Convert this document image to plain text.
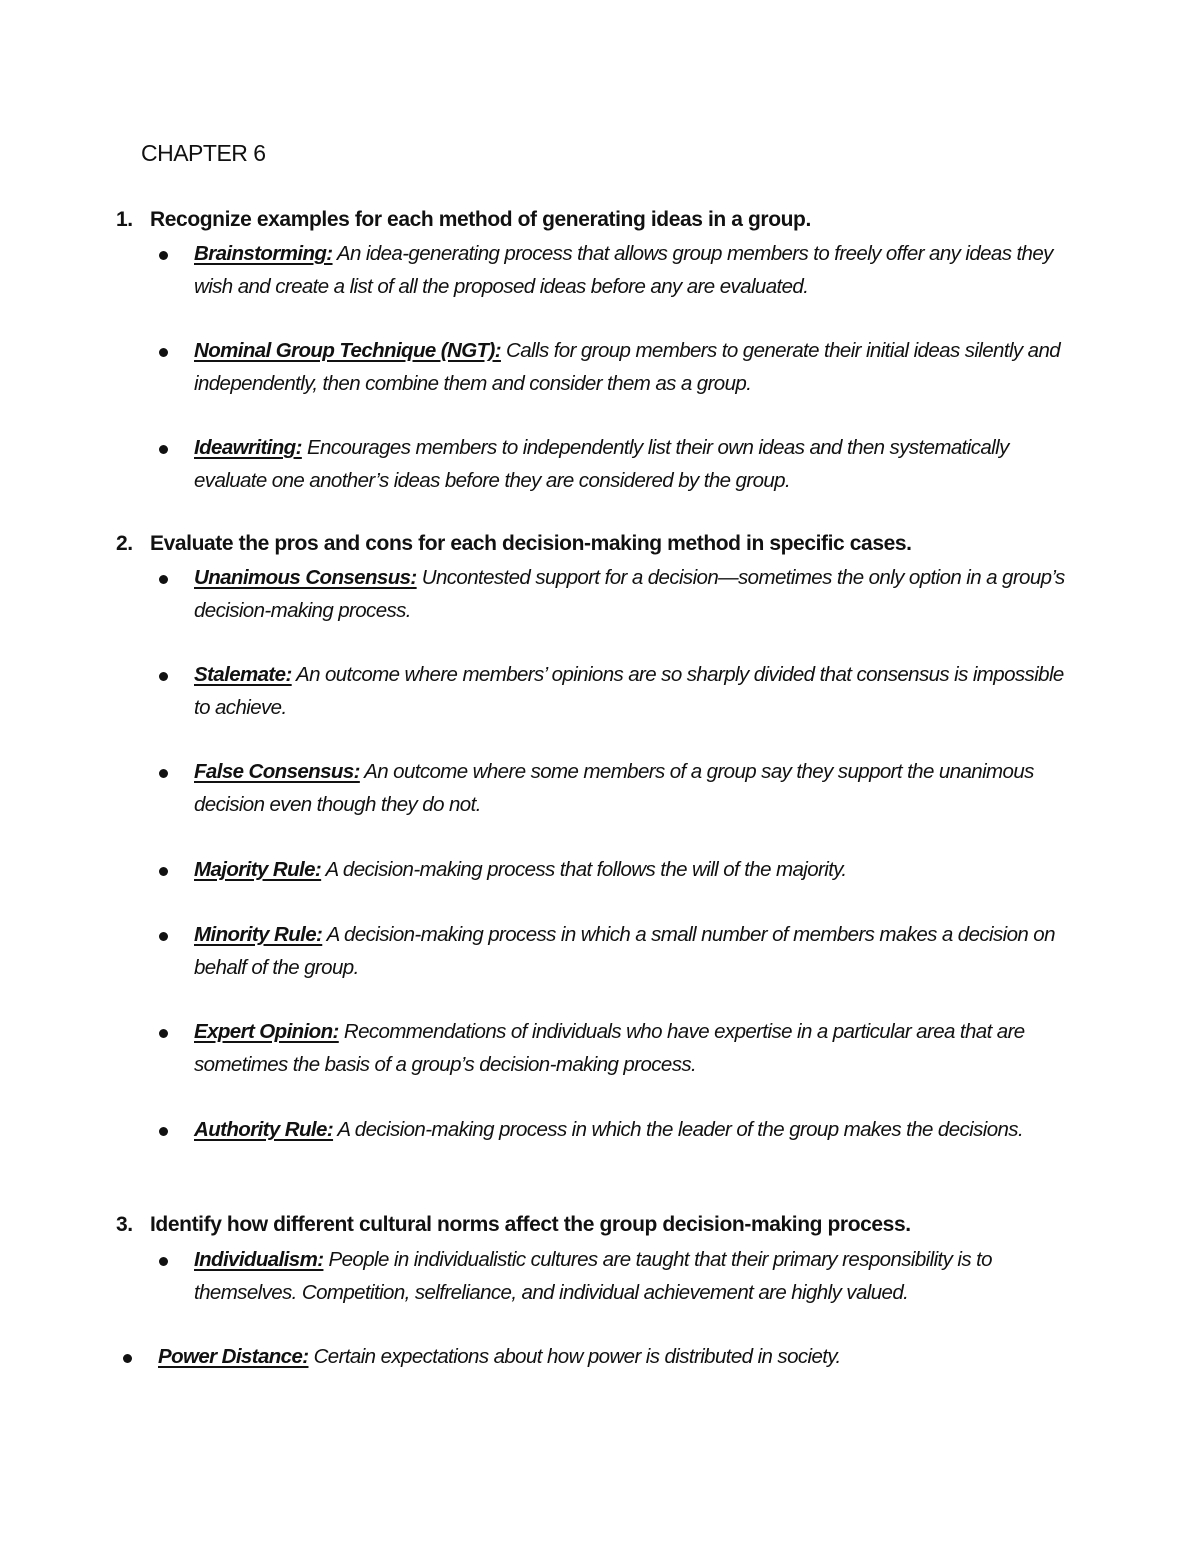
CHAPTER 6
1. Recognize examples for each method of generating ideas in a group.
Brainstorming: An idea-generating process that allows group members to freely offer any ideas they wish and create a list of all the proposed ideas before any are evaluated.
Nominal Group Technique (NGT): Calls for group members to generate their initial ideas silently and independently, then combine them and consider them as a group.
Ideawriting: Encourages members to independently list their own ideas and then systematically evaluate one another’s ideas before they are considered by the group.
2. Evaluate the pros and cons for each decision-making method in specific cases.
Unanimous Consensus: Uncontested support for a decision—sometimes the only option in a group’s decision-making process.
Stalemate: An outcome where members’ opinions are so sharply divided that consensus is impossible to achieve.
False Consensus: An outcome where some members of a group say they support the unanimous decision even though they do not.
Majority Rule: A decision-making process that follows the will of the majority.
Minority Rule: A decision-making process in which a small number of members makes a decision on behalf of the group.
Expert Opinion: Recommendations of individuals who have expertise in a particular area that are sometimes the basis of a group’s decision-making process.
Authority Rule: A decision-making process in which the leader of the group makes the decisions.
3. Identify how different cultural norms affect the group decision-making process.
Individualism: People in individualistic cultures are taught that their primary responsibility is to themselves. Competition, selfreliance, and individual achievement are highly valued.
Power Distance: Certain expectations about how power is distributed in society.
